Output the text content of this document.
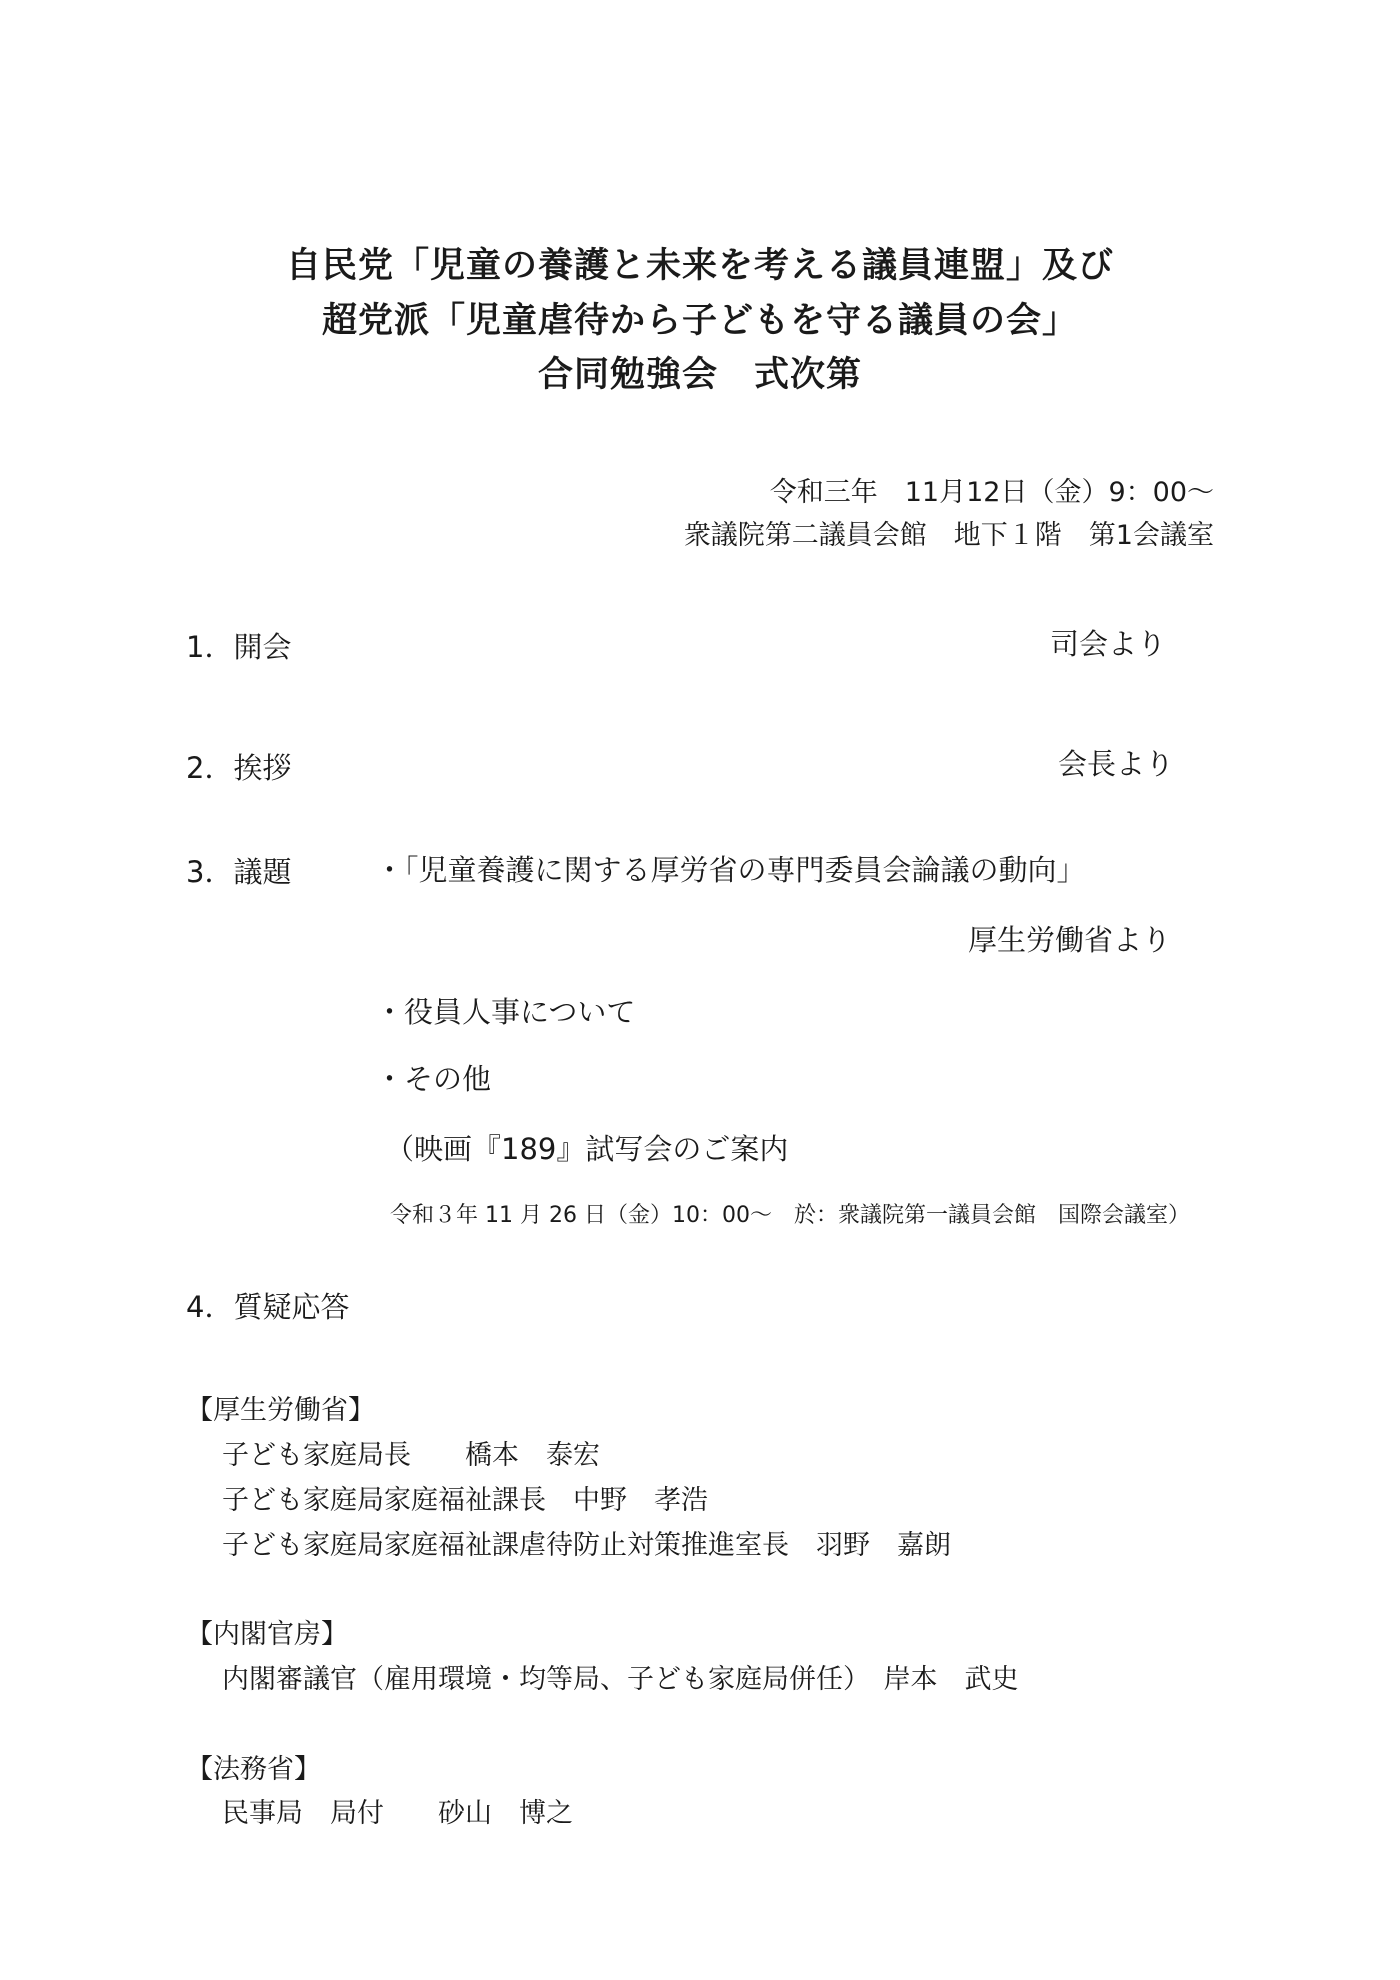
自民党「児童の養護と未来を考える議員連盟」及び
超党派「児童虐待から子どもを守る議員の会」
合同勉強会　式次第
令和三年　11月12日（金）9：00～
衆議院第二議員会館　地下１階　第1会議室
1．開会	司会より
2．挨拶	会長より
3．議題	・「児童養護に関する厚労省の専門委員会論議の動向」
厚生労働省より
・役員人事について
・その他
（映画『189』試写会のご案内
令和３年 11 月 26 日（金）10：00～　於：衆議院第一議員会館　国際会議室）
4．質疑応答
【厚生労働省】
子ども家庭局長　　橋本　泰宏
子ども家庭局家庭福祉課長　中野　孝浩
子ども家庭局家庭福祉課虐待防止対策推進室長　羽野　嘉朗
【内閣官房】
内閣審議官（雇用環境・均等局、子ども家庭局併任）　岸本　武史
【法務省】
民事局　局付　　砂山　博之
